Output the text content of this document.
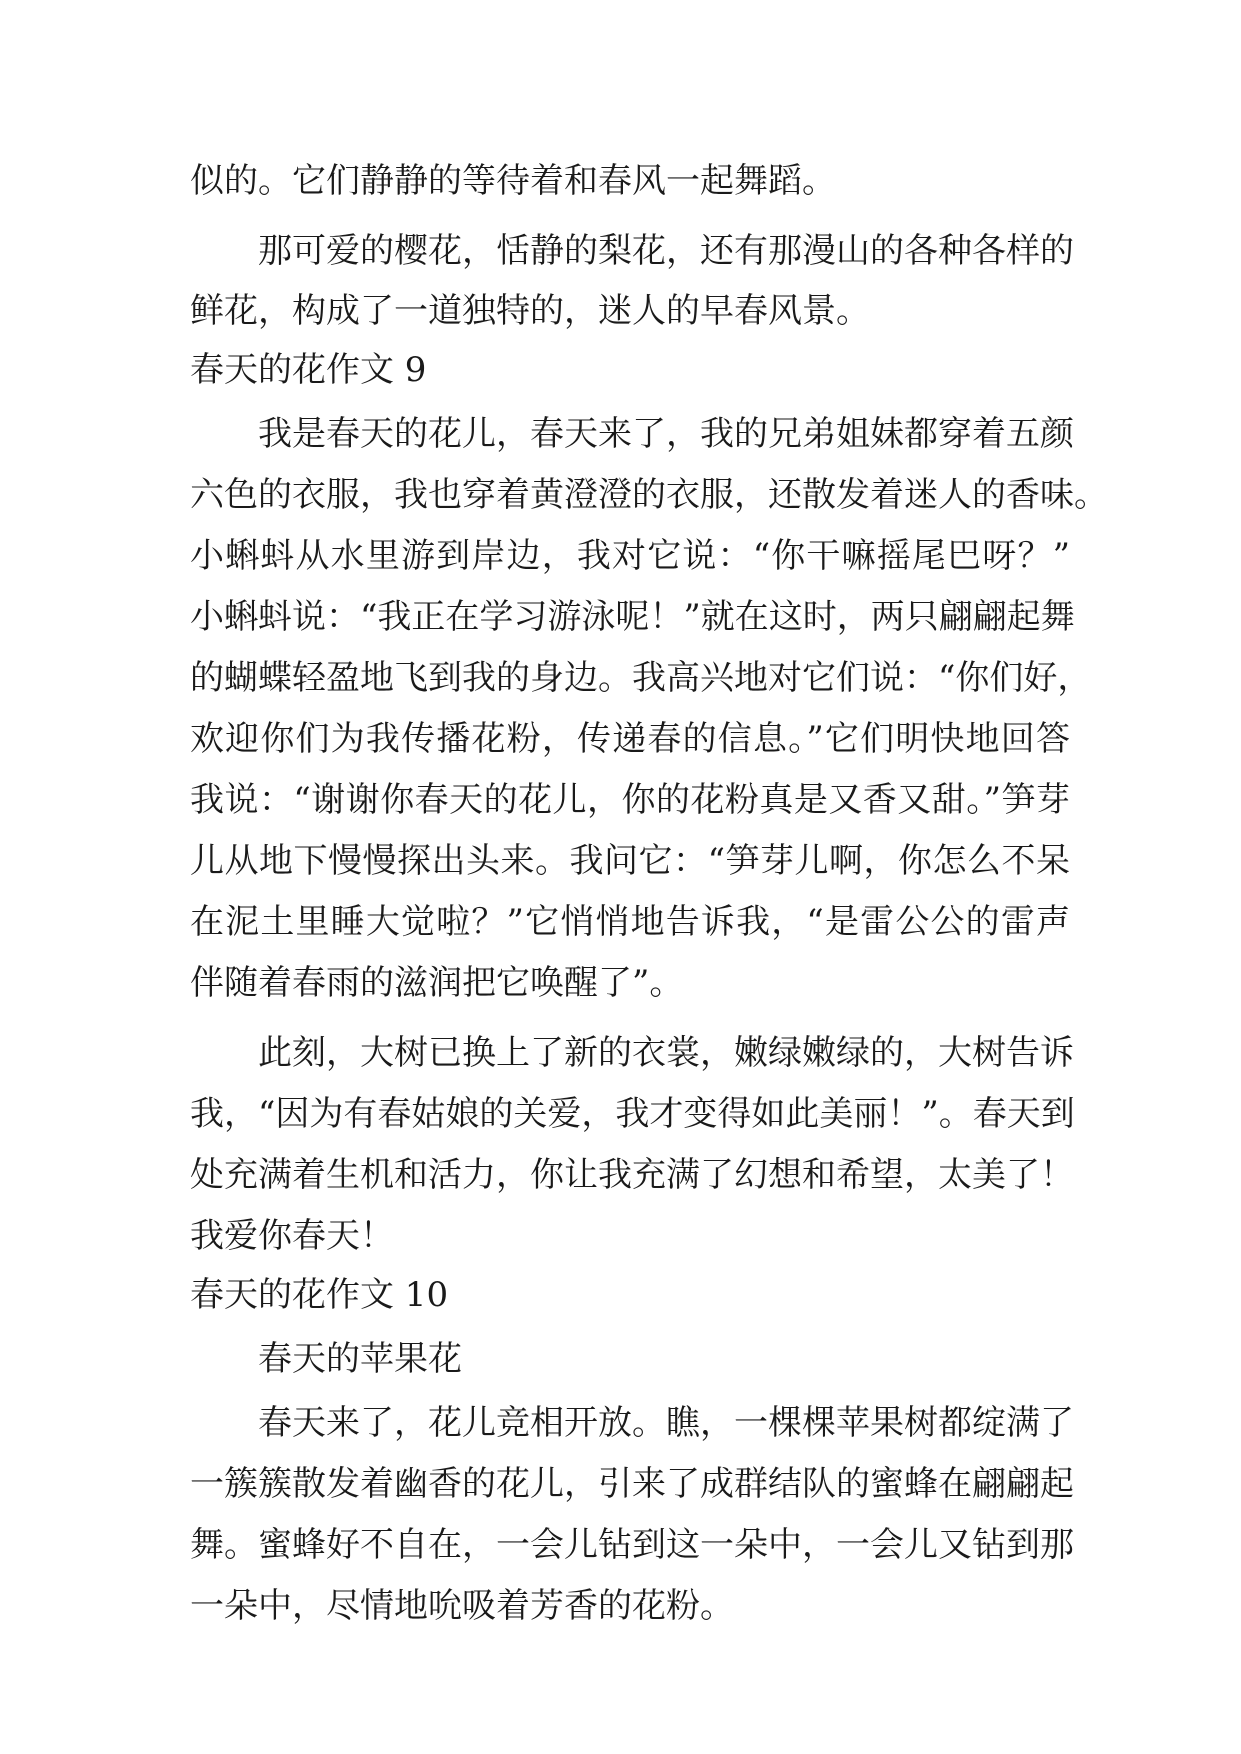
似的。它们静静的等待着和春风一起舞蹈。
那可爱的樱花，恬静的梨花，还有那漫山的各种各样的
鲜花，构成了一道独特的，迷人的早春风景。
春天的花作文 9
我是春天的花儿，春天来了，我的兄弟姐妹都穿着五颜
六色的衣服，我也穿着黄澄澄的衣服，还散发着迷人的香味。
小蝌蚪从水里游到岸边，我对它说：“你干嘛摇尾巴呀？”
小蝌蚪说：“我正在学习游泳呢！”就在这时，两只翩翩起舞
的蝴蝶轻盈地飞到我的身边。我高兴地对它们说：“你们好，
欢迎你们为我传播花粉，传递春的信息。”它们明快地回答
我说：“谢谢你春天的花儿，你的花粉真是又香又甜。”笋芽
儿从地下慢慢探出头来。我问它：“笋芽儿啊，你怎么不呆
在泥土里睡大觉啦？”它悄悄地告诉我，“是雷公公的雷声
伴随着春雨的滋润把它唤醒了”。
此刻，大树已换上了新的衣裳，嫩绿嫩绿的，大树告诉
我，“因为有春姑娘的关爱，我才变得如此美丽！”。春天到
处充满着生机和活力，你让我充满了幻想和希望，太美了！
我爱你春天！
春天的花作文 10
春天的苹果花
春天来了，花儿竞相开放。瞧，一棵棵苹果树都绽满了
一簇簇散发着幽香的花儿，引来了成群结队的蜜蜂在翩翩起
舞。蜜蜂好不自在，一会儿钻到这一朵中，一会儿又钻到那
一朵中，尽情地吮吸着芳香的花粉。
